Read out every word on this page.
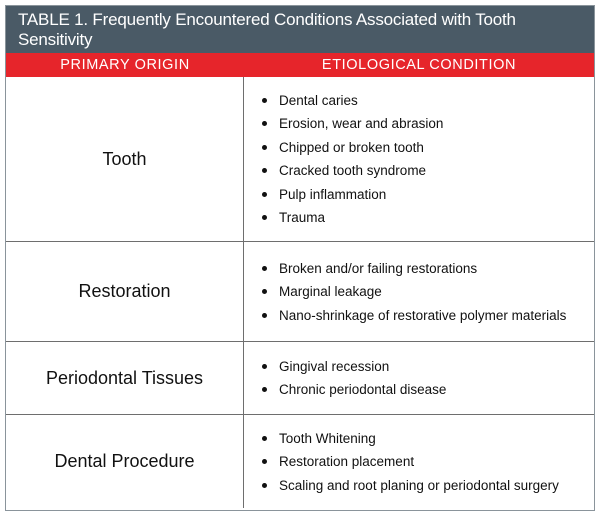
TABLE 1. Frequently Encountered Conditions Associated with Tooth Sensitivity
PRIMARY ORIGIN	ETIOLOGICAL CONDITION
Tooth
Dental caries
Erosion, wear and abrasion
Chipped or broken tooth
Cracked tooth syndrome
Pulp inflammation
Trauma
Restoration
Broken and/or failing restorations
Marginal leakage
Nano-shrinkage of restorative polymer materials
Periodontal Tissues
Gingival recession
Chronic periodontal disease
Dental Procedure
Tooth Whitening
Restoration placement
Scaling and root planing or periodontal surgery
